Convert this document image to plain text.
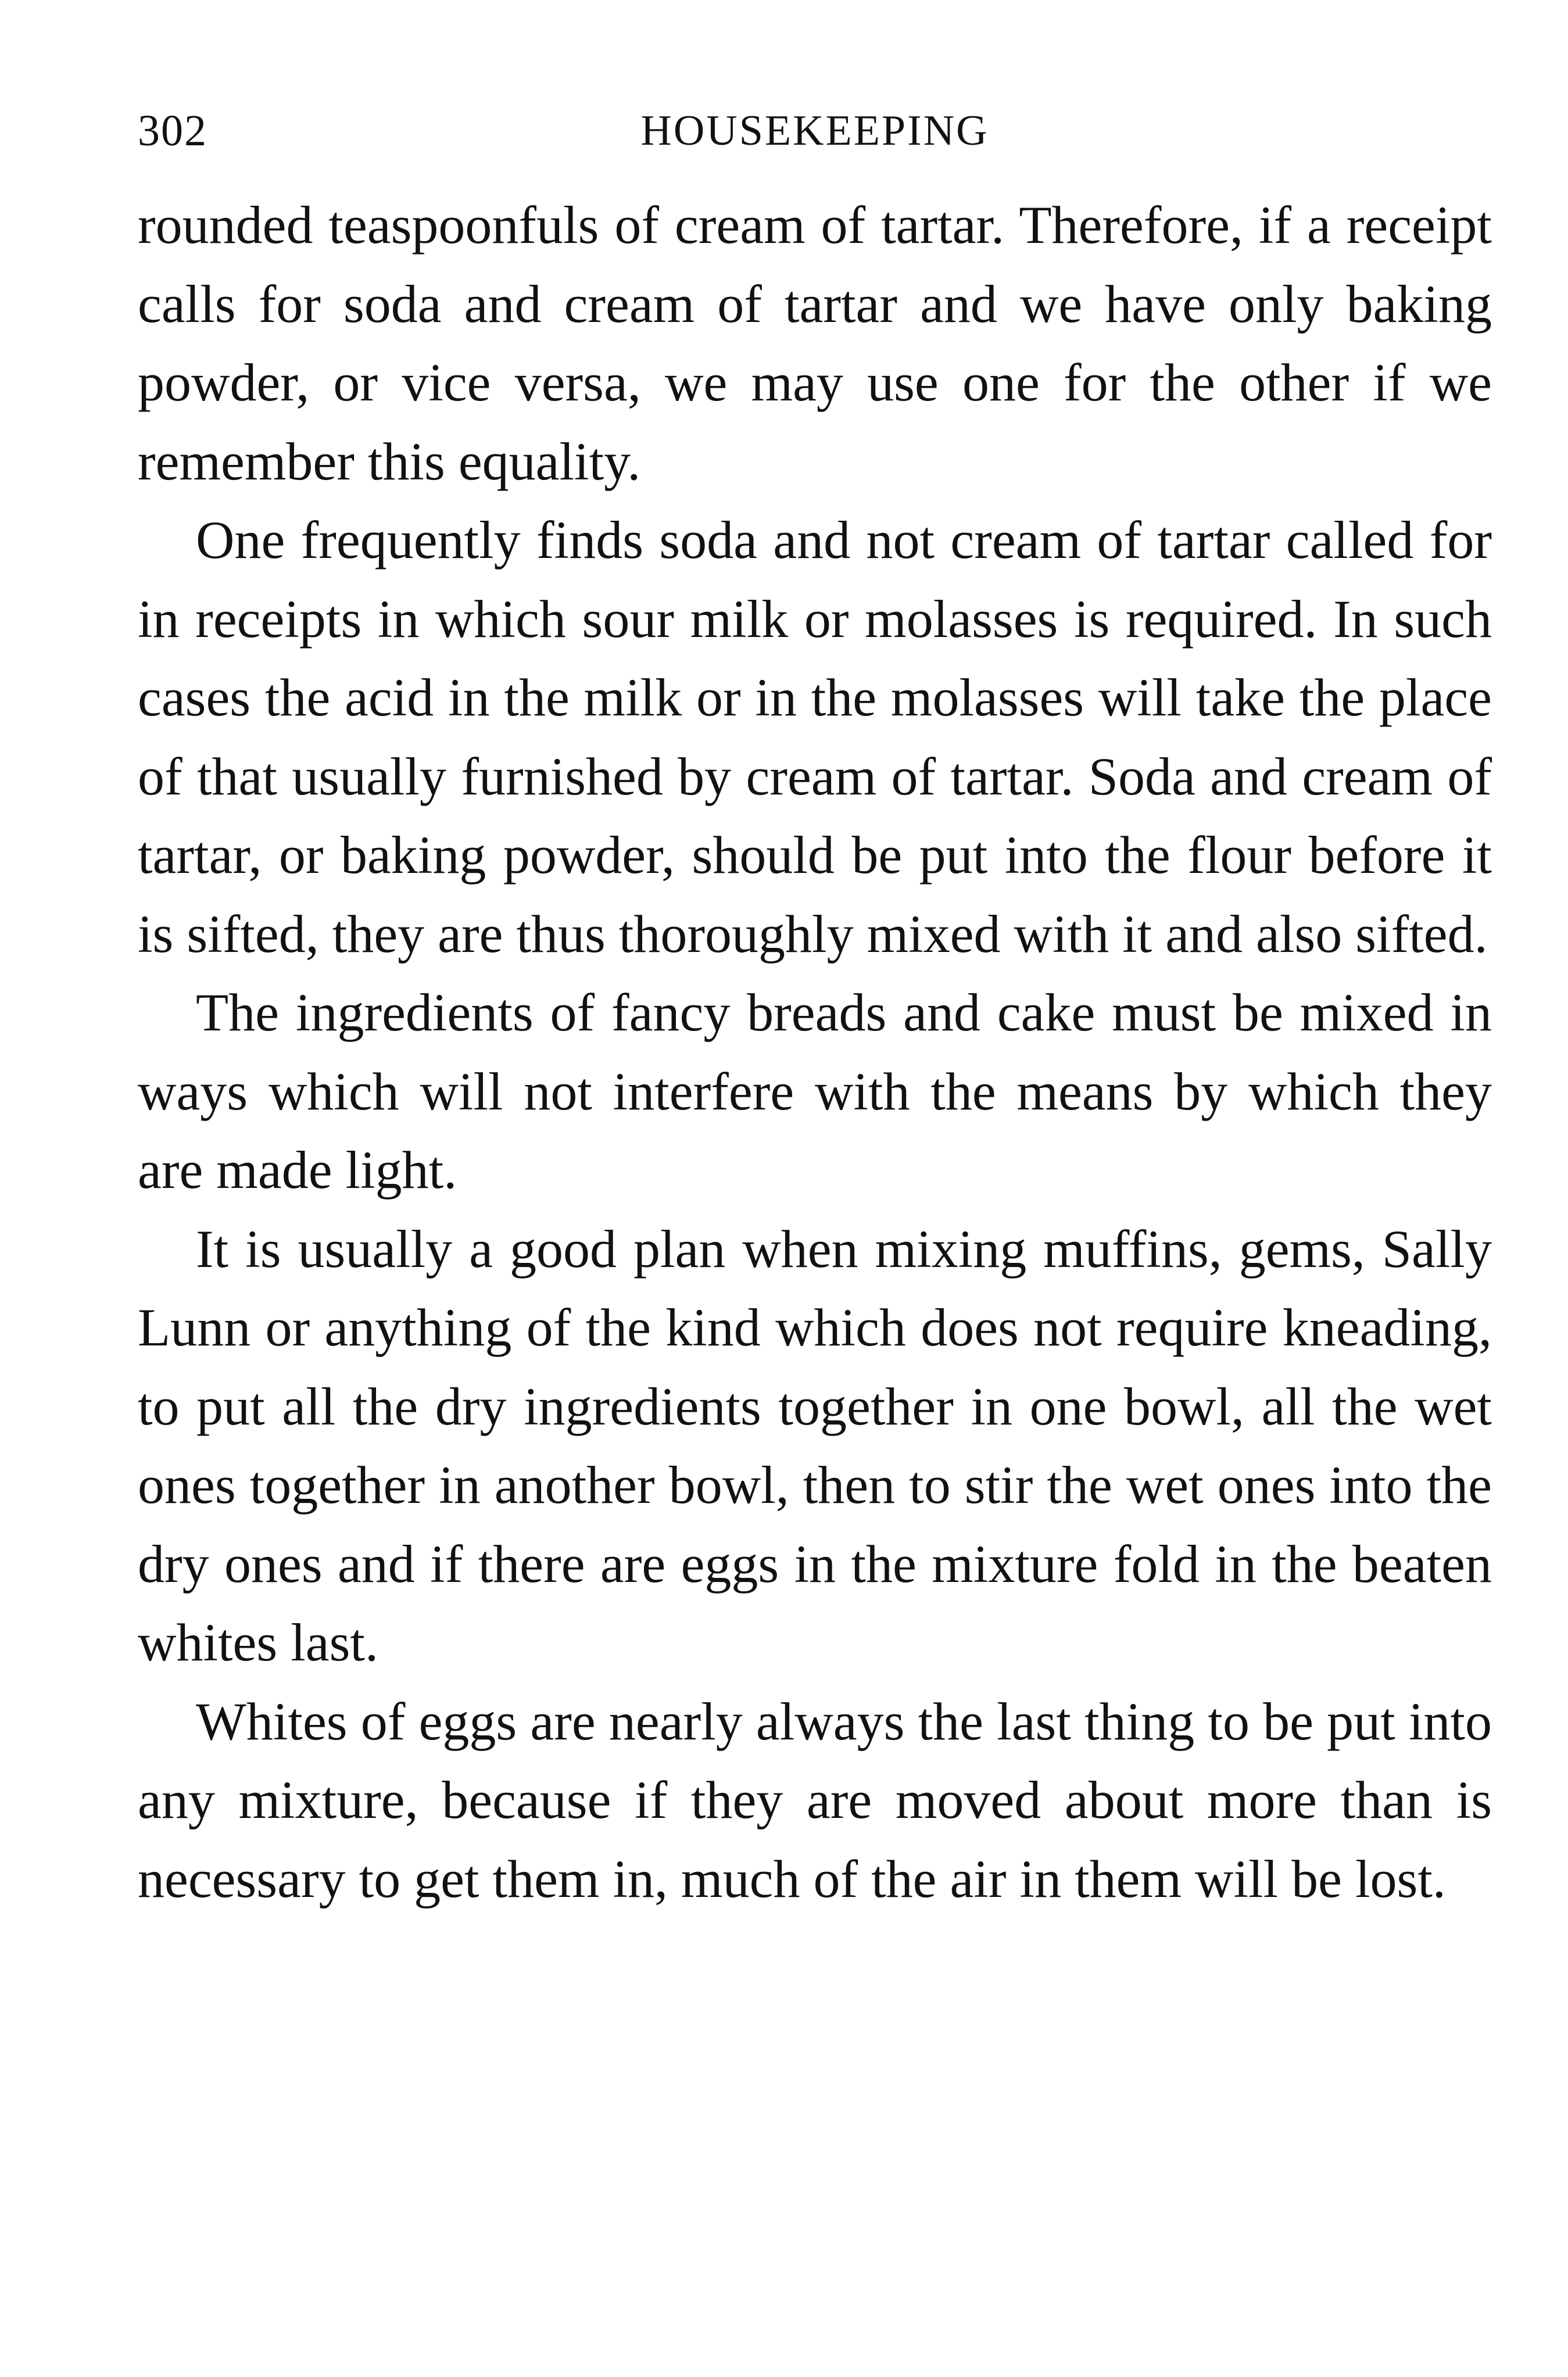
302	HOUSEKEEPING

rounded teaspoonfuls of cream of tartar. Therefore, if a receipt calls for soda and cream of tartar and we have only baking powder, or vice versa, we may use one for the other if we remember this equality.

One frequently finds soda and not cream of tartar called for in receipts in which sour milk or molasses is required. In such cases the acid in the milk or in the molasses will take the place of that usually furnished by cream of tartar. Soda and cream of tartar, or baking powder, should be put into the flour before it is sifted, they are thus thoroughly mixed with it and also sifted.

The ingredients of fancy breads and cake must be mixed in ways which will not interfere with the means by which they are made light.

It is usually a good plan when mixing muffins, gems, Sally Lunn or anything of the kind which does not require kneading, to put all the dry ingredients together in one bowl, all the wet ones together in another bowl, then to stir the wet ones into the dry ones and if there are eggs in the mixture fold in the beaten whites last.

Whites of eggs are nearly always the last thing to be put into any mixture, because if they are moved about more than is necessary to get them in, much of the air in them will be lost.
